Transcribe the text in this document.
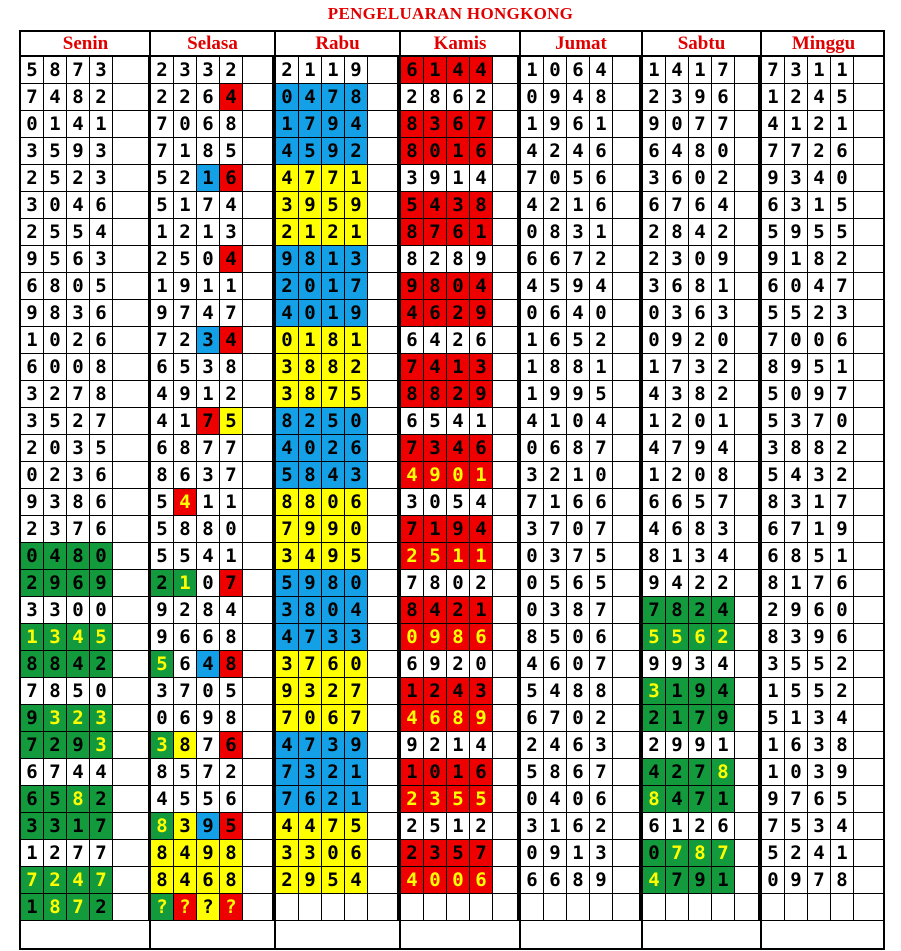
PENGELUARAN HONGKONG
Senin
5 8 7 3
7 4 8 2
0 1 4 1
3 5 9 3
2 5 2 3
3 0 4 6
2 5 5 4
9 5 6 3
6 8 0 5
9 8 3 6
1 0 2 6
6 0 0 8
3 2 7 8
3 5 2 7
2 0 3 5
0 2 3 6
9 3 8 6
2 3 7 6
0 4 8 0
2 9 6 9
3 3 0 0
1 3 4 5
8 8 4 2
7 8 5 0
9 3 2 3
7 2 9 3
6 7 4 4
6 5 8 2
3 3 1 7
1 2 7 7
7 2 4 7
1 8 7 2
Selasa
2 3 3 2
2 2 6 4
7 0 6 8
7 1 8 5
5 2 1 6
5 1 7 4
1 2 1 3
2 5 0 4
1 9 1 1
9 7 4 7
7 2 3 4
6 5 3 8
4 9 1 2
4 1 7 5
6 8 7 7
8 6 3 7
5 4 1 1
5 8 8 0
5 5 4 1
2 1 0 7
9 2 8 4
9 6 6 8
5 6 4 8
3 7 0 5
0 6 9 8
3 8 7 6
8 5 7 2
4 5 5 6
8 3 9 5
8 4 9 8
8 4 6 8
? ? ? ?
Rabu
2 1 1 9
0 4 7 8
1 7 9 4
4 5 9 2
4 7 7 1
3 9 5 9
2 1 2 1
9 8 1 3
2 0 1 7
4 0 1 9
0 1 8 1
3 8 8 2
3 8 7 5
8 2 5 0
4 0 2 6
5 8 4 3
8 8 0 6
7 9 9 0
3 4 9 5
5 9 8 0
3 8 0 4
4 7 3 3
3 7 6 0
9 3 2 7
7 0 6 7
4 7 3 9
7 3 2 1
7 6 2 1
4 4 7 5
3 3 0 6
2 9 5 4
Kamis
6 1 4 4
2 8 6 2
8 3 6 7
8 0 1 6
3 9 1 4
5 4 3 8
8 7 6 1
8 2 8 9
9 8 0 4
4 6 2 9
6 4 2 6
7 4 1 3
8 8 2 9
6 5 4 1
7 3 4 6
4 9 0 1
3 0 5 4
7 1 9 4
2 5 1 1
7 8 0 2
8 4 2 1
0 9 8 6
6 9 2 0
1 2 4 3
4 6 8 9
9 2 1 4
1 0 1 6
2 3 5 5
2 5 1 2
2 3 5 7
4 0 0 6
Jumat
1 0 6 4
0 9 4 8
1 9 6 1
4 2 4 6
7 0 5 6
4 2 1 6
0 8 3 1
6 6 7 2
4 5 9 4
0 6 4 0
1 6 5 2
1 8 8 1
1 9 9 5
4 1 0 4
0 6 8 7
3 2 1 0
7 1 6 6
3 7 0 7
0 3 7 5
0 5 6 5
0 3 8 7
8 5 0 6
4 6 0 7
5 4 8 8
6 7 0 2
2 4 6 3
5 8 6 7
0 4 0 6
3 1 6 2
0 9 1 3
6 6 8 9
Sabtu
1 4 1 7
2 3 9 6
9 0 7 7
6 4 8 0
3 6 0 2
6 7 6 4
2 8 4 2
2 3 0 9
3 6 8 1
0 3 6 3
0 9 2 0
1 7 3 2
4 3 8 2
1 2 0 1
4 7 9 4
1 2 0 8
6 6 5 7
4 6 8 3
8 1 3 4
9 4 2 2
7 8 2 4
5 5 6 2
9 9 3 4
3 1 9 4
2 1 7 9
2 9 9 1
4 2 7 8
8 4 7 1
6 1 2 6
0 7 8 7
4 7 9 1
Minggu
7 3 1 1
1 2 4 5
4 1 2 1
7 7 2 6
9 3 4 0
6 3 1 5
5 9 5 5
9 1 8 2
6 0 4 7
5 5 2 3
7 0 0 6
8 9 5 1
5 0 9 7
5 3 7 0
3 8 8 2
5 4 3 2
8 3 1 7
6 7 1 9
6 8 5 1
8 1 7 6
2 9 6 0
8 3 9 6
3 5 5 2
1 5 5 2
5 1 3 4
1 6 3 8
1 0 3 9
9 7 6 5
7 5 3 4
5 2 4 1
0 9 7 8
